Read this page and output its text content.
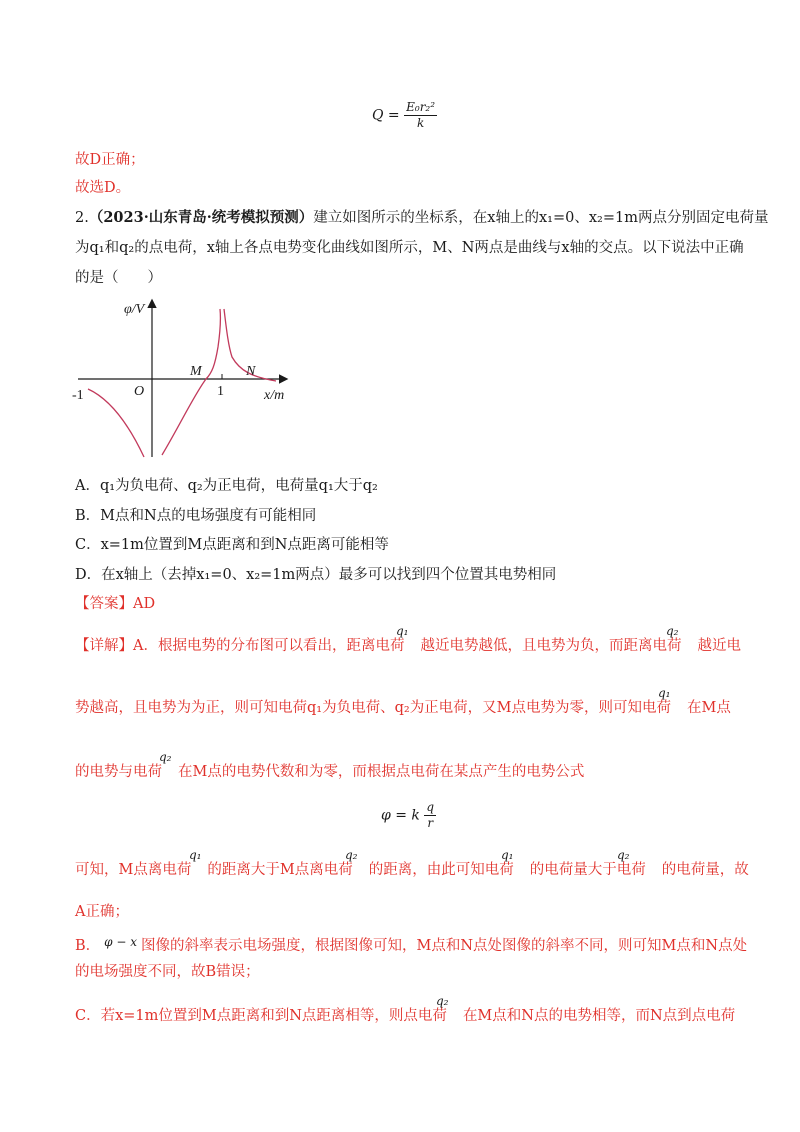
$Q = \frac{\text{E₀r₂²}}{k}$
故D正确；
故选D。
2.（2023·山东青岛·统考模拟预测）建立如图所示的坐标系，在x轴上的x₁=0、x₂=1m两点分别固定电荷量
为q₁和q₂的点电荷，x轴上各点电势变化曲线如图所示，M、N两点是曲线与x轴的交点。以下说法中正确
的是（　　）
φ/V
x/m
O
-1	1
M	N
A．q₁为负电荷、q₂为正电荷，电荷量q₁大于q₂
B．M点和N点的电场强度有可能相同
C．x=1m位置到M点距离和到N点距离可能相等
D．在x轴上（去掉x₁=0、x₂=1m两点）最多可以找到四个位置其电势相同
【答案】AD
【详解】A．根据电势的分布图可以看出，距离电荷 越近电势越低，且电势为负，而距离电荷 越近电
q₁	q₂
势越高，且电势为为正，则可知电荷q₁为负电荷、q₂为正电荷，又M点电势为零，则可知电荷 在M点
q₁
的电势与电荷 在M点的电势代数和为零，而根据点电荷在某点产生的电势公式
q₂
φ = k $\frac{q}{r}$
可知，M点离电荷 的距离大于M点离电荷 的距离，由此可知电荷 的电荷量大于电荷 的电荷量，故
q₁	q₂	q₁	q₂
A正确；
B． $^{\varphi - x}$ 图像的斜率表示电场强度，根据图像可知，M点和N点处图像的斜率不同，则可知M点和N点处
的电场强度不同，故B错误；
C．若x=1m位置到M点距离和到N点距离相等，则点电荷 在M点和N点的电势相等，而N点到点电荷
q₂
